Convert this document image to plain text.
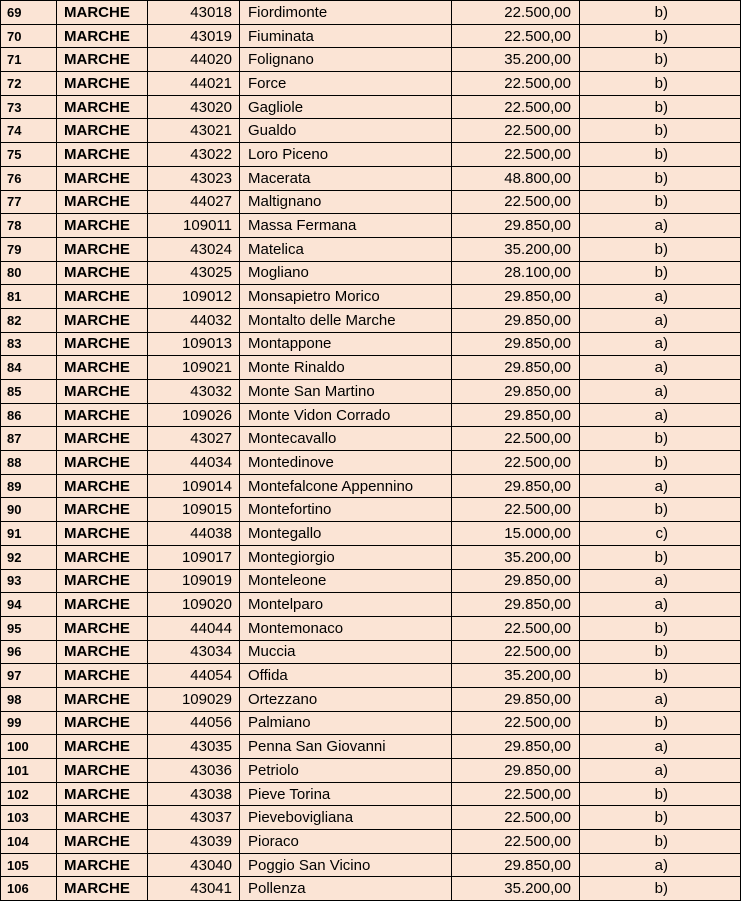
69	MARCHE	43018	Fiordimonte	22.500,00	b)
70	MARCHE	43019	Fiuminata	22.500,00	b)
71	MARCHE	44020	Folignano	35.200,00	b)
72	MARCHE	44021	Force	22.500,00	b)
73	MARCHE	43020	Gagliole	22.500,00	b)
74	MARCHE	43021	Gualdo	22.500,00	b)
75	MARCHE	43022	Loro Piceno	22.500,00	b)
76	MARCHE	43023	Macerata	48.800,00	b)
77	MARCHE	44027	Maltignano	22.500,00	b)
78	MARCHE	109011	Massa Fermana	29.850,00	a)
79	MARCHE	43024	Matelica	35.200,00	b)
80	MARCHE	43025	Mogliano	28.100,00	b)
81	MARCHE	109012	Monsapietro Morico	29.850,00	a)
82	MARCHE	44032	Montalto delle Marche	29.850,00	a)
83	MARCHE	109013	Montappone	29.850,00	a)
84	MARCHE	109021	Monte Rinaldo	29.850,00	a)
85	MARCHE	43032	Monte San Martino	29.850,00	a)
86	MARCHE	109026	Monte Vidon Corrado	29.850,00	a)
87	MARCHE	43027	Montecavallo	22.500,00	b)
88	MARCHE	44034	Montedinove	22.500,00	b)
89	MARCHE	109014	Montefalcone Appennino	29.850,00	a)
90	MARCHE	109015	Montefortino	22.500,00	b)
91	MARCHE	44038	Montegallo	15.000,00	c)
92	MARCHE	109017	Montegiorgio	35.200,00	b)
93	MARCHE	109019	Monteleone	29.850,00	a)
94	MARCHE	109020	Montelparo	29.850,00	a)
95	MARCHE	44044	Montemonaco	22.500,00	b)
96	MARCHE	43034	Muccia	22.500,00	b)
97	MARCHE	44054	Offida	35.200,00	b)
98	MARCHE	109029	Ortezzano	29.850,00	a)
99	MARCHE	44056	Palmiano	22.500,00	b)
100	MARCHE	43035	Penna San Giovanni	29.850,00	a)
101	MARCHE	43036	Petriolo	29.850,00	a)
102	MARCHE	43038	Pieve Torina	22.500,00	b)
103	MARCHE	43037	Pievebovigliana	22.500,00	b)
104	MARCHE	43039	Pioraco	22.500,00	b)
105	MARCHE	43040	Poggio San Vicino	29.850,00	a)
106	MARCHE	43041	Pollenza	35.200,00	b)
